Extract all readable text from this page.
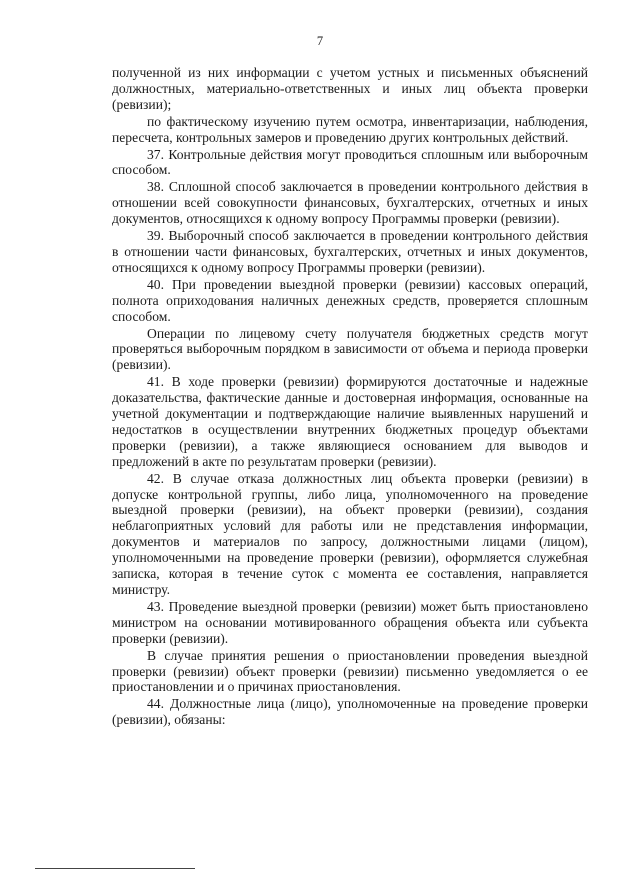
7

полученной из них информации с учетом устных и письменных объяснений должностных, материально-ответственных и иных лиц объекта проверки (ревизии);

по фактическому изучению путем осмотра, инвентаризации, наблюдения, пересчета, контрольных замеров и проведению других контрольных действий.

37. Контрольные действия могут проводиться сплошным или выборочным способом.

38. Сплошной способ заключается в проведении контрольного действия в отношении всей совокупности финансовых, бухгалтерских, отчетных и иных документов, относящихся к одному вопросу Программы проверки (ревизии).

39. Выборочный способ заключается в проведении контрольного действия в отношении части финансовых, бухгалтерских, отчетных и иных документов, относящихся к одному вопросу Программы проверки (ревизии).

40. При проведении выездной проверки (ревизии) кассовых операций, полнота оприходования наличных денежных средств, проверяется сплошным способом.

Операции по лицевому счету получателя бюджетных средств могут проверяться выборочным порядком в зависимости от объема и периода проверки (ревизии).

41. В ходе проверки (ревизии) формируются достаточные и надежные доказательства, фактические данные и достоверная информация, основанные на учетной документации и подтверждающие наличие выявленных нарушений и недостатков в осуществлении внутренних бюджетных процедур объектами проверки (ревизии), а также являющиеся основанием для выводов и предложений в акте по результатам проверки (ревизии).

42. В случае отказа должностных лиц объекта проверки (ревизии) в допуске контрольной группы, либо лица, уполномоченного на проведение выездной проверки (ревизии), на объект проверки (ревизии), создания неблагоприятных условий для работы или не представления информации, документов и материалов по запросу, должностными лицами (лицом), уполномоченными на проведение проверки (ревизии), оформляется служебная записка, которая в течение суток с момента ее составления, направляется министру.

43. Проведение выездной проверки (ревизии) может быть приостановлено министром на основании мотивированного обращения объекта или субъекта проверки (ревизии).

В случае принятия решения о приостановлении проведения выездной проверки (ревизии) объект проверки (ревизии) письменно уведомляется о ее приостановлении и о причинах приостановления.

44. Должностные лица (лицо), уполномоченные на проведение проверки (ревизии), обязаны:
